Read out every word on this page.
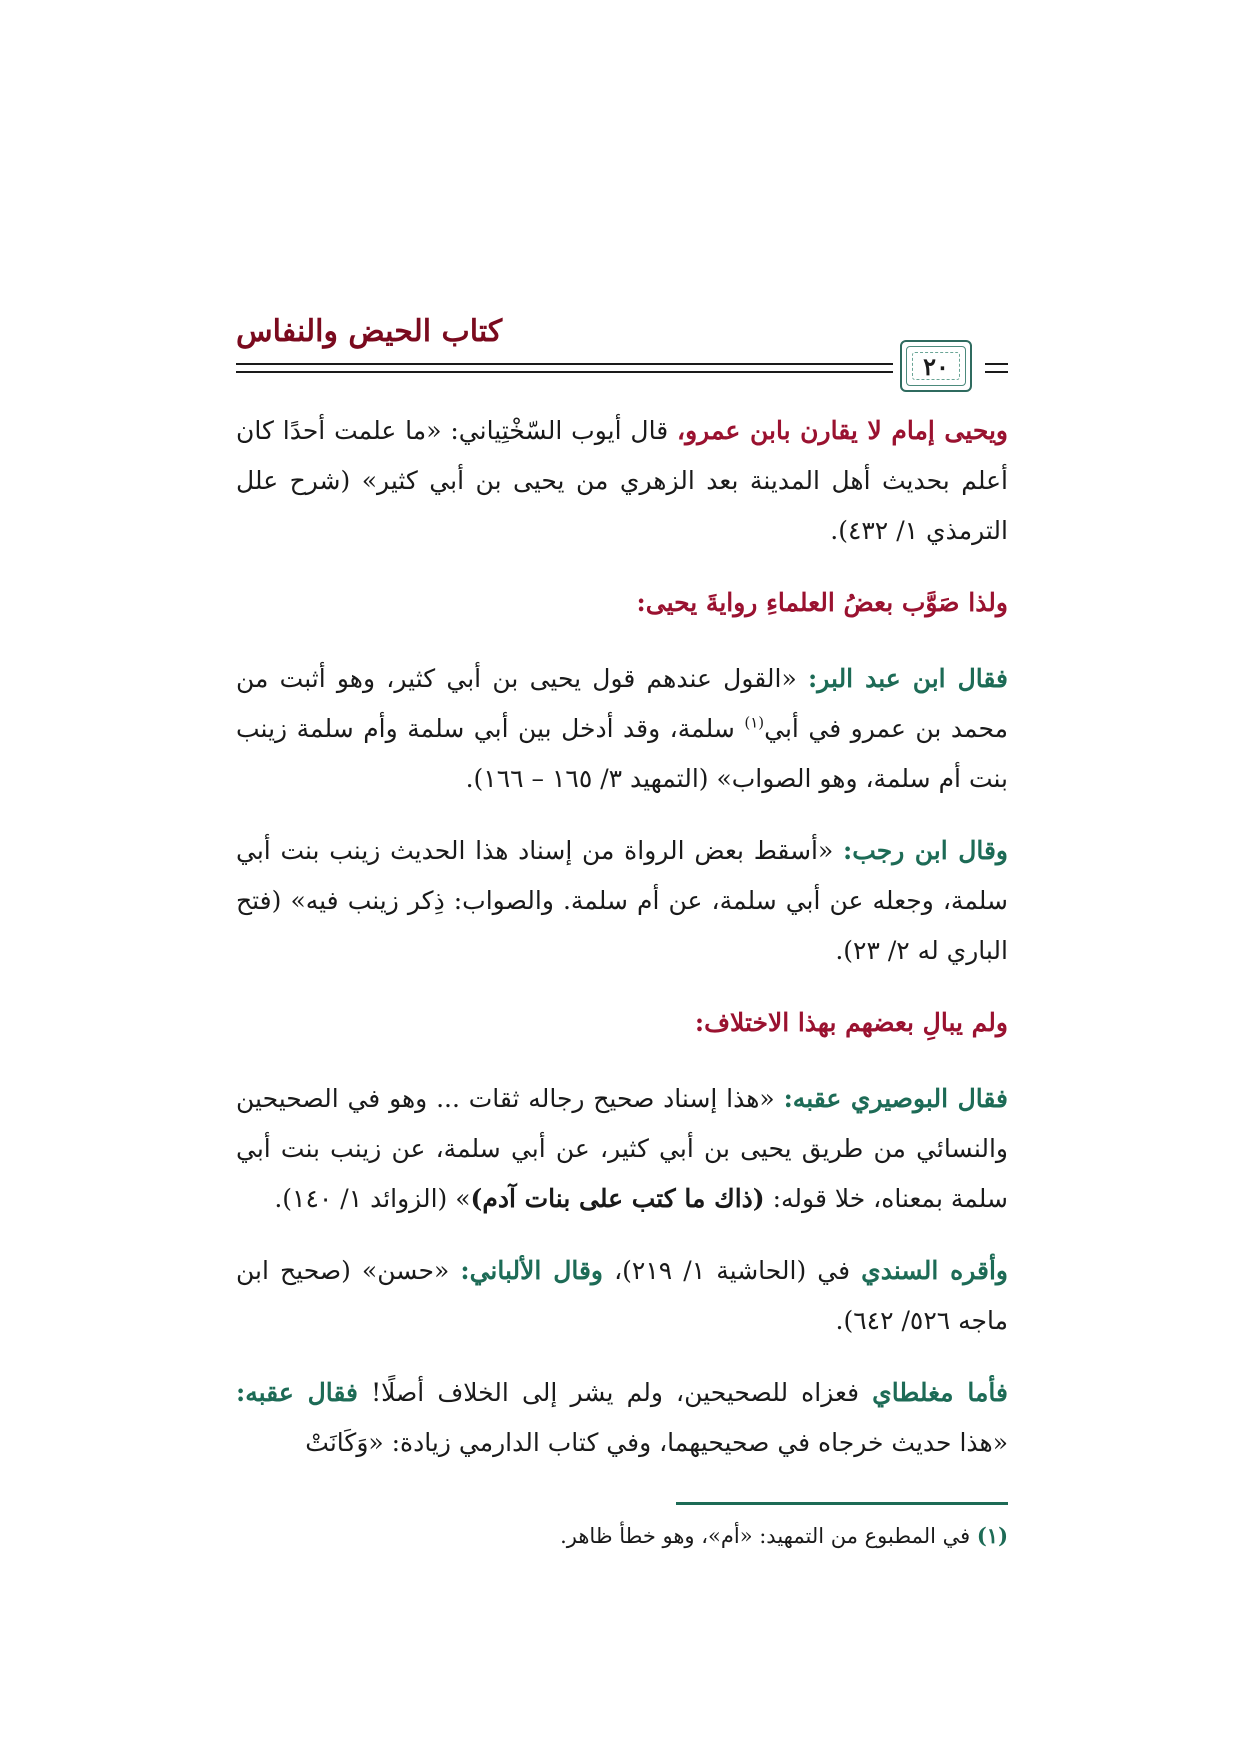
كتاب الحيض والنفاس
٢٠

ويحيى إمام لا يقارن بابن عمرو، قال أيوب السّخْتِياني: «ما علمت أحدًا كان أعلم بحديث أهل المدينة بعد الزهري من يحيى بن أبي كثير» (شرح علل الترمذي ١/ ٤٣٢).

ولذا صَوَّب بعضُ العلماءِ روايةَ يحيى:

فقال ابن عبد البر: «القول عندهم قول يحيى بن أبي كثير، وهو أثبت من محمد بن عمرو في أبي$^{(١)}$ سلمة، وقد أدخل بين أبي سلمة وأم سلمة زينب بنت أم سلمة، وهو الصواب» (التمهيد ٣/ ١٦٥ – ١٦٦).

وقال ابن رجب: «أسقط بعض الرواة من إسناد هذا الحديث زينب بنت أبي سلمة، وجعله عن أبي سلمة، عن أم سلمة. والصواب: ذِكر زينب فيه» (فتح الباري له ٢/ ٢٣).

ولم يبالِ بعضهم بهذا الاختلاف:

فقال البوصيري عقبه: «هذا إسناد صحيح رجاله ثقات ... وهو في الصحيحين والنسائي من طريق يحيى بن أبي كثير، عن أبي سلمة، عن زينب بنت أبي سلمة بمعناه، خلا قوله: (ذاك ما كتب على بنات آدم)» (الزوائد ١/ ١٤٠).

وأقره السندي في (الحاشية ١/ ٢١٩)، وقال الألباني: «حسن» (صحيح ابن ماجه ٥٢٦/ ٦٤٢).

فأما مغلطاي فعزاه للصحيحين، ولم يشر إلى الخلاف أصلًا! فقال عقبه: «هذا حديث خرجاه في صحيحيهما، وفي كتاب الدارمي زيادة: «وَكَانَتْ

(١) في المطبوع من التمهيد: «أم»، وهو خطأ ظاهر.
